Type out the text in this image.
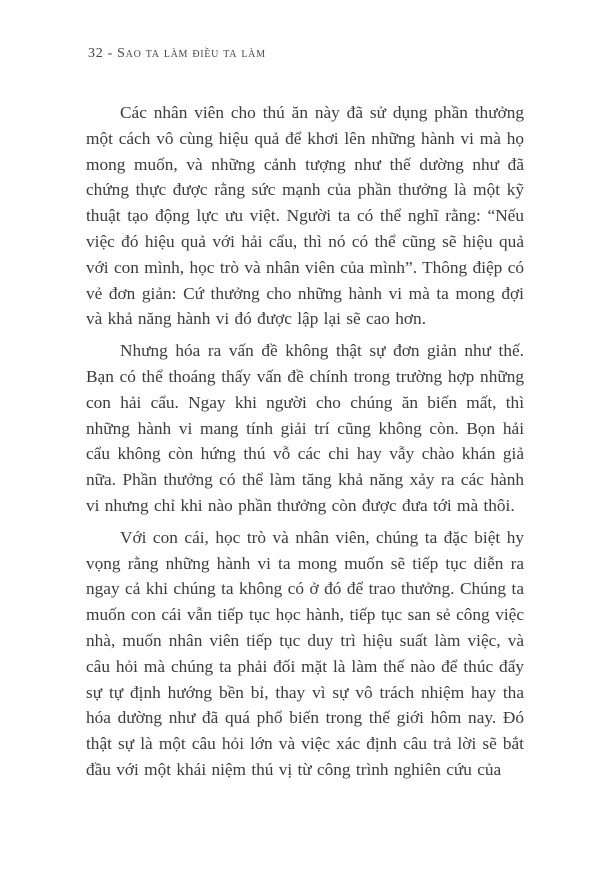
32 - Sao ta làm điều ta làm

Các nhân viên cho thú ăn này đã sử dụng phần thưởng một cách vô cùng hiệu quả để khơi lên những hành vi mà họ mong muốn, và những cảnh tượng như thế dường như đã chứng thực được rằng sức mạnh của phần thưởng là một kỹ thuật tạo động lực ưu việt. Người ta có thể nghĩ rằng: “Nếu việc đó hiệu quả với hải cẩu, thì nó có thể cũng sẽ hiệu quả với con mình, học trò và nhân viên của mình”. Thông điệp có vẻ đơn giản: Cứ thưởng cho những hành vi mà ta mong đợi và khả năng hành vi đó được lập lại sẽ cao hơn.

Nhưng hóa ra vấn đề không thật sự đơn giản như thế. Bạn có thể thoáng thấy vấn đề chính trong trường hợp những con hải cẩu. Ngay khi người cho chúng ăn biến mất, thì những hành vi mang tính giải trí cũng không còn. Bọn hải cẩu không còn hứng thú vỗ các chi hay vẫy chào khán giả nữa. Phần thưởng có thể làm tăng khả năng xảy ra các hành vi nhưng chỉ khi nào phần thưởng còn được đưa tới mà thôi.

Với con cái, học trò và nhân viên, chúng ta đặc biệt hy vọng rằng những hành vi ta mong muốn sẽ tiếp tục diễn ra ngay cả khi chúng ta không có ở đó để trao thưởng. Chúng ta muốn con cái vẫn tiếp tục học hành, tiếp tục san sẻ công việc nhà, muốn nhân viên tiếp tục duy trì hiệu suất làm việc, và câu hỏi mà chúng ta phải đối mặt là làm thế nào để thúc đẩy sự tự định hướng bền bỉ, thay vì sự vô trách nhiệm hay tha hóa dường như đã quá phổ biến trong thế giới hôm nay. Đó thật sự là một câu hỏi lớn và việc xác định câu trả lời sẽ bắt đầu với một khái niệm thú vị từ công trình nghiên cứu của
